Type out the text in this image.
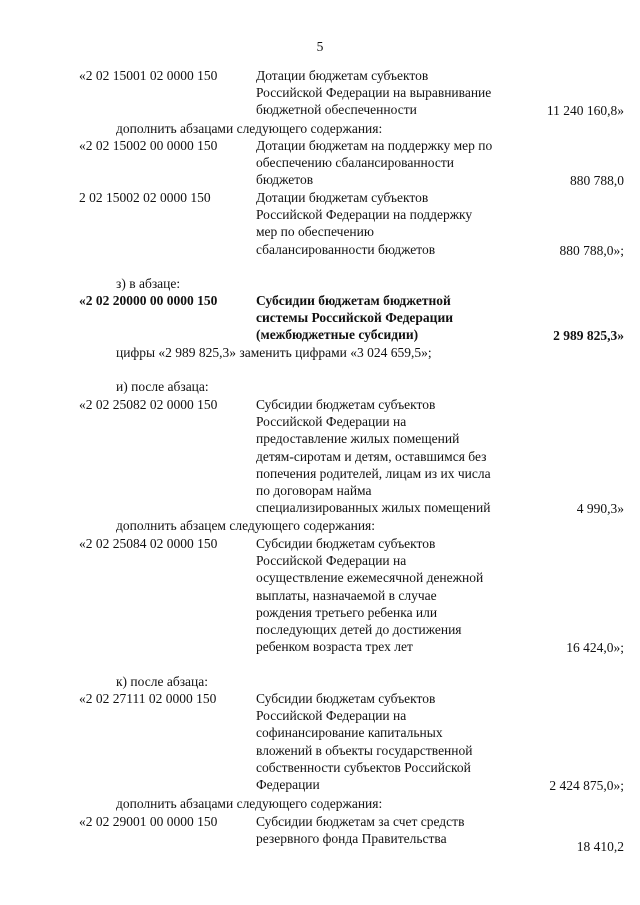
5
«2 02 15001 02 0000 150	Дотации бюджетам субъектов
Российской Федерации на выравнивание
бюджетной обеспеченности	11 240 160,8»
дополнить абзацами следующего содержания:
«2 02 15002 00 0000 150	Дотации бюджетам на поддержку мер по
обеспечению сбалансированности
бюджетов	880 788,0
2 02 15002 02 0000 150	Дотации бюджетам субъектов
Российской Федерации на поддержку
мер по обеспечению
сбалансированности бюджетов	880 788,0»;
з) в абзаце:
«2 02 20000 00 0000 150	Субсидии бюджетам бюджетной
системы Российской Федерации
(межбюджетные субсидии)	2 989 825,3»
цифры «2 989 825,3» заменить цифрами «3 024 659,5»;
и) после абзаца:
«2 02 25082 02 0000 150	Субсидии бюджетам субъектов
Российской Федерации на
предоставление жилых помещений
детям-сиротам и детям, оставшимся без
попечения родителей, лицам из их числа
по договорам найма
специализированных жилых помещений	4 990,3»
дополнить абзацем следующего содержания:
«2 02 25084 02 0000 150	Субсидии бюджетам субъектов
Российской Федерации на
осуществление ежемесячной денежной
выплаты, назначаемой в случае
рождения третьего ребенка или
последующих детей до достижения
ребенком возраста трех лет	16 424,0»;
к) после абзаца:
«2 02 27111 02 0000 150	Субсидии бюджетам субъектов
Российской Федерации на
софинансирование капитальных
вложений в объекты государственной
собственности субъектов Российской
Федерации	2 424 875,0»;
дополнить абзацами следующего содержания:
«2 02 29001 00 0000 150	Субсидии бюджетам за счет средств
резервного фонда Правительства
18 410,2
